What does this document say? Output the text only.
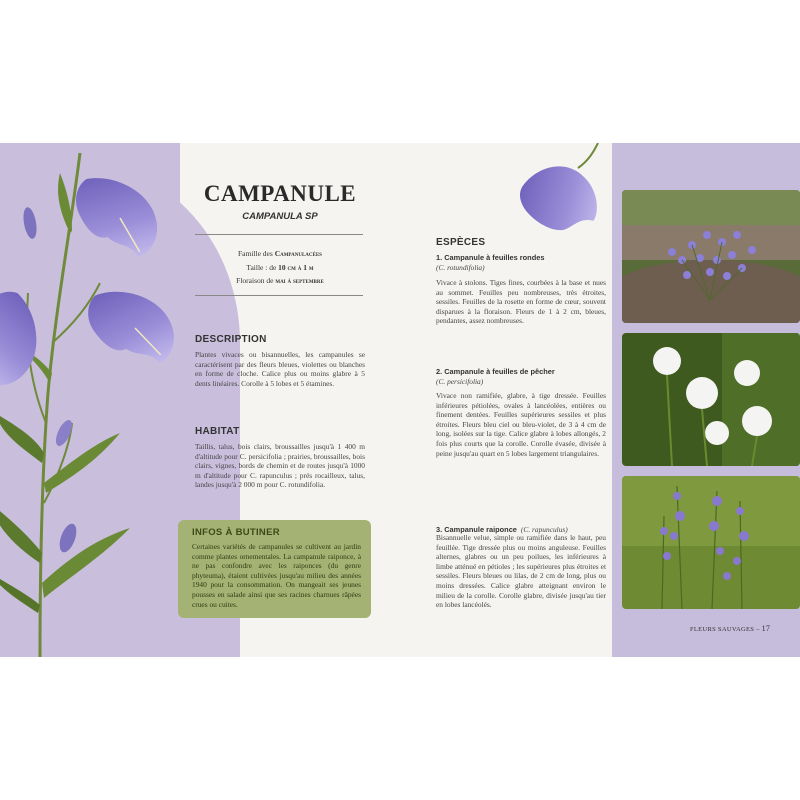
CAMPANULE
CAMPANULA SP
Famille des Campanulacées
Taille : de 10 cm à 1 m
Floraison de mai à septembre
DESCRIPTION
Plantes vivaces ou bisannuelles, les campanules se caractérisent par des fleurs bleues, violettes ou blanches en forme de cloche. Calice plus ou moins glabre à 5 dents linéaires. Corolle à 5 lobes et 5 étamines.
HABITAT
Taillis, talus, bois clairs, broussailles jusqu'à 1 400 m d'altitude pour C. persicifolia ; prairies, broussailles, bois clairs, vignes, bords de chemin et de routes jusqu'à 1000 m d'altitude pour C. rapunculus ; prés rocailleux, talus, landes jusqu'à 2 000 m pour C. rotundifolia.
INFOS À BUTINER
Certaines variétés de campanules se cultivent au jardin comme plantes ornementales. La campanule raiponce, à ne pas confondre avec les raiponces (du genre phyteuma), étaient cultivées jusqu'au milieu des années 1940 pour la consommation. On mangeait ses jeunes pousses en salade ainsi que ses racines charnues râpées crues ou cuites.
ESPÈCES
1. Campanule à feuilles rondes
(C. rotundifolia)
Vivace à stolons. Tiges fines, courbées à la base et nues au sommet. Feuilles peu nombreuses, très étroites, sessiles. Feuilles de la rosette en forme de cœur, souvent disparues à la floraison. Fleurs de 1 à 2 cm, bleues, pendantes, assez nombreuses.
2. Campanule à feuilles de pêcher
(C. persicifolia)
Vivace non ramifiée, glabre, à tige dressée. Feuilles inférieures pétiolées, ovales à lancéolées, entières ou finement dentées. Feuilles supérieures sessiles et plus étroites. Fleurs bleu ciel ou bleu-violet, de 3 à 4 cm de long, isolées sur la tige. Calice glabre à lobes allongés, 2 fois plus courts que la corolle. Corolle évasée, divisée à peine jusqu'au quart en 5 lobes largement triangulaires.
3. Campanule raiponce (C. rapunculus)
Bisannuelle velue, simple ou ramifiée dans le haut, peu feuillée. Tige dressée plus ou moins anguleuse. Feuilles alternes, glabres ou un peu poilues, les inférieures à limbe atténué en pétioles ; les supérieures plus étroites et sessiles. Fleurs bleues ou lilas, de 2 cm de long, plus ou moins dressées. Calice glabre atteignant environ le milieu de la corolle. Corolle glabre, divisée jusqu'au tier en lobes lancéolés.
FLEURS SAUVAGES – 17
